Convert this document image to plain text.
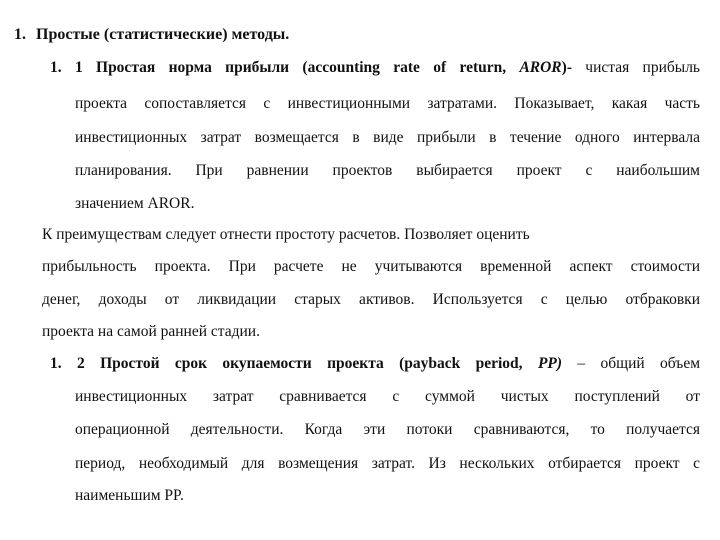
1. Простые (статистические) методы.
1. 1 Простая норма прибыли (accounting rate of return, AROR)- чистая прибыль
проекта сопоставляется с инвестиционными затратами. Показывает, какая часть
инвестиционных затрат возмещается в виде прибыли в течение одного интервала
планирования. При равнении проектов выбирается проект с наибольшим
значением AROR.
К преимуществам следует отнести простоту расчетов. Позволяет оценить
прибыльность проекта. При расчете не учитываются временной аспект стоимости
денег, доходы от ликвидации старых активов. Используется с целью отбраковки
проекта на самой ранней стадии.
1. 2 Простой срок окупаемости проекта (payback period, PP) – общий объем
инвестиционных затрат сравнивается с суммой чистых поступлений от
операционной деятельности. Когда эти потоки сравниваются, то получается
период, необходимый для возмещения затрат. Из нескольких отбирается проект с
наименьшим PP.
